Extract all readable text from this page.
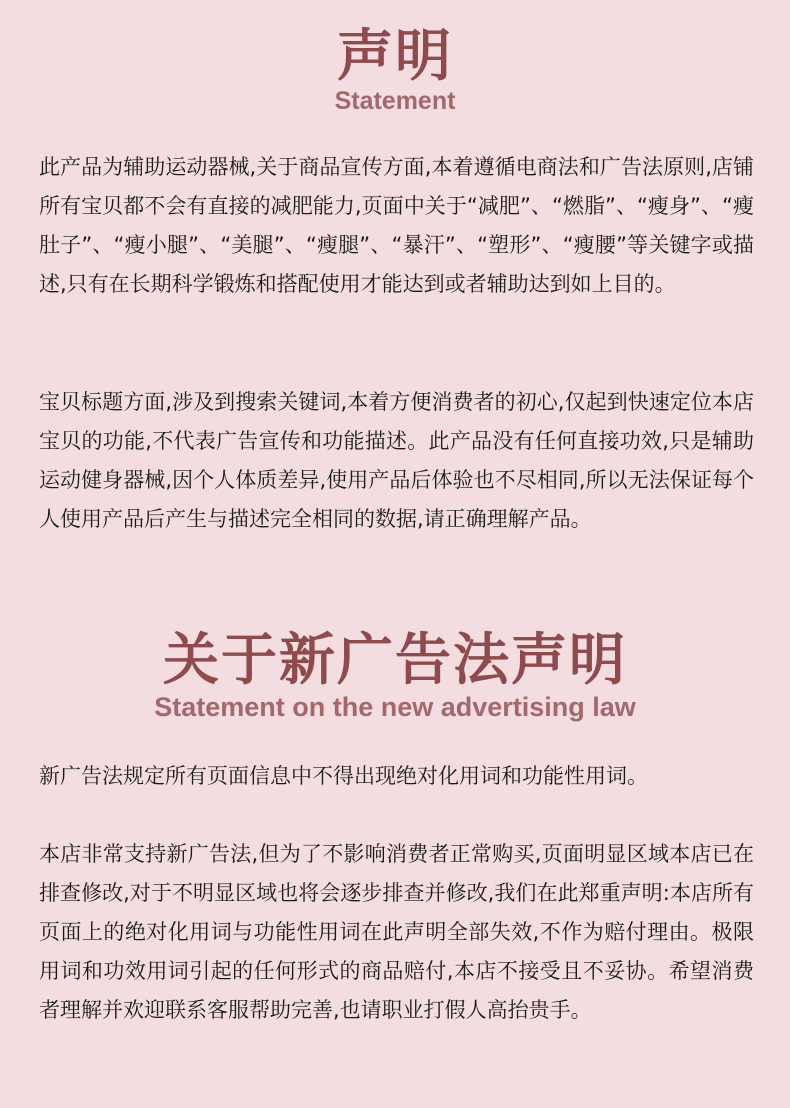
声明
Statement

此产品为辅助运动器械,关于商品宣传方面,本着遵循电商法和广告法原则,店铺所有宝贝都不会有直接的减肥能力,页面中关于“减肥”、“燃脂”、“瘦身”、“瘦肚子”、“瘦小腿”、“美腿”、“瘦腿”、“暴汗”、“塑形”、“瘦腰”等关键字或描述,只有在长期科学锻炼和搭配使用才能达到或者辅助达到如上目的。

宝贝标题方面,涉及到搜索关键词,本着方便消费者的初心,仅起到快速定位本店宝贝的功能,不代表广告宣传和功能描述。此产品没有任何直接功效,只是辅助运动健身器械,因个人体质差异,使用产品后体验也不尽相同,所以无法保证每个人使用产品后产生与描述完全相同的数据,请正确理解产品。

关于新广告法声明
Statement on the new advertising law

新广告法规定所有页面信息中不得出现绝对化用词和功能性用词。

本店非常支持新广告法,但为了不影响消费者正常购买,页面明显区域本店已在排查修改,对于不明显区域也将会逐步排查并修改,我们在此郑重声明:本店所有页面上的绝对化用词与功能性用词在此声明全部失效,不作为赔付理由。极限用词和功效用词引起的任何形式的商品赔付,本店不接受且不妥协。希望消费者理解并欢迎联系客服帮助完善,也请职业打假人高抬贵手。
